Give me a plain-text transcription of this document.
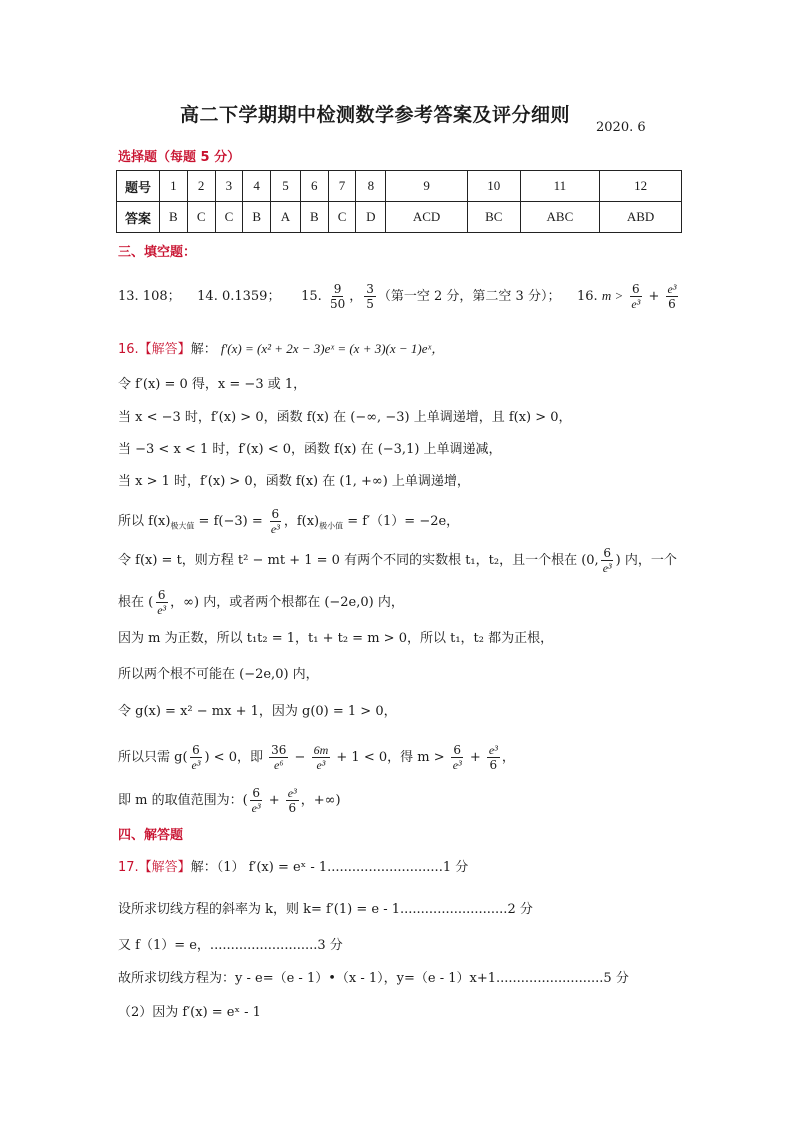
高二下学期期中检测数学参考答案及评分细则
2020. 6
选择题（每题 5 分）
题号	1	2	3	4	5	6	7	8	9	10	11	12
答案	B	C	C	B	A	B	C	D	ACD	BC	ABC	ABD
三、填空题：
13. 108； 14. 0.1359； 15. $\frac{9}{50}$ ， $\frac{3}{5}$ （第一空 2 分，第二空 3 分）； 16. $m > \frac{6}{\text{e³}} + \frac{\text{e³}}{6}$
16.【解答】解： f′(x) = (x² + 2x − 3)eˣ = (x + 3)(x − 1)eˣ，
令 f′(x) = 0 得，x = −3 或 1，
当 x < −3 时，f′(x) > 0，函数 f(x) 在 (−∞, −3) 上单调递增，且 f(x) > 0，
当 −3 < x < 1 时，f′(x) < 0，函数 f(x) 在 (−3,1) 上单调递减，
当 x > 1 时，f′(x) > 0，函数 f(x) 在 (1, +∞) 上单调递增，
所以 $f(x)_{极大值} = f(-3) = \frac{6}{\text{e³}}$ ，$f(x)_{极小值} = f'(1)= -2e$，
令 f(x) = t，则方程 t² − mt + 1 = 0 有两个不同的实数根 t₁，t₂，且一个根在 (0, $\frac{6}{\text{e³}}$ ) 内，一个
根在 ( $\frac{6}{\text{e³}}$ ，∞) 内，或者两个根都在 (−2e,0) 内，
因为 m 为正数，所以 t₁t₂ = 1，t₁ + t₂ = m > 0，所以 t₁，t₂ 都为正根，
所以两个根不可能在 (−2e,0) 内，
令 g(x) = x² − mx + 1，因为 g(0) = 1 > 0，
所以只需 $g( \frac{6}{\text{e³}}$ ) < 0，即 $\frac{36}{\text{e⁶}} - \frac{6m}{\text{e³}} + 1 < 0$，得 $m > \frac{6}{\text{e³}} + \frac{\text{e³}}{6}$ ，
即 m 的取值范围为：( $\frac{6}{\text{e³}} + \frac{\text{e³}}{6}$ ，+∞)
四、解答题
17.【解答】解：（1） f′(x) = eˣ - 1............................1 分
设所求切线方程的斜率为 k，则 k= f′(1) = e - 1..........................2 分
又 f（1）= e，..........................3 分
故所求切线方程为：y - e=（e - 1）•（x - 1），y=（e - 1）x+1..........................5 分
（2）因为 f′(x) = eˣ - 1
